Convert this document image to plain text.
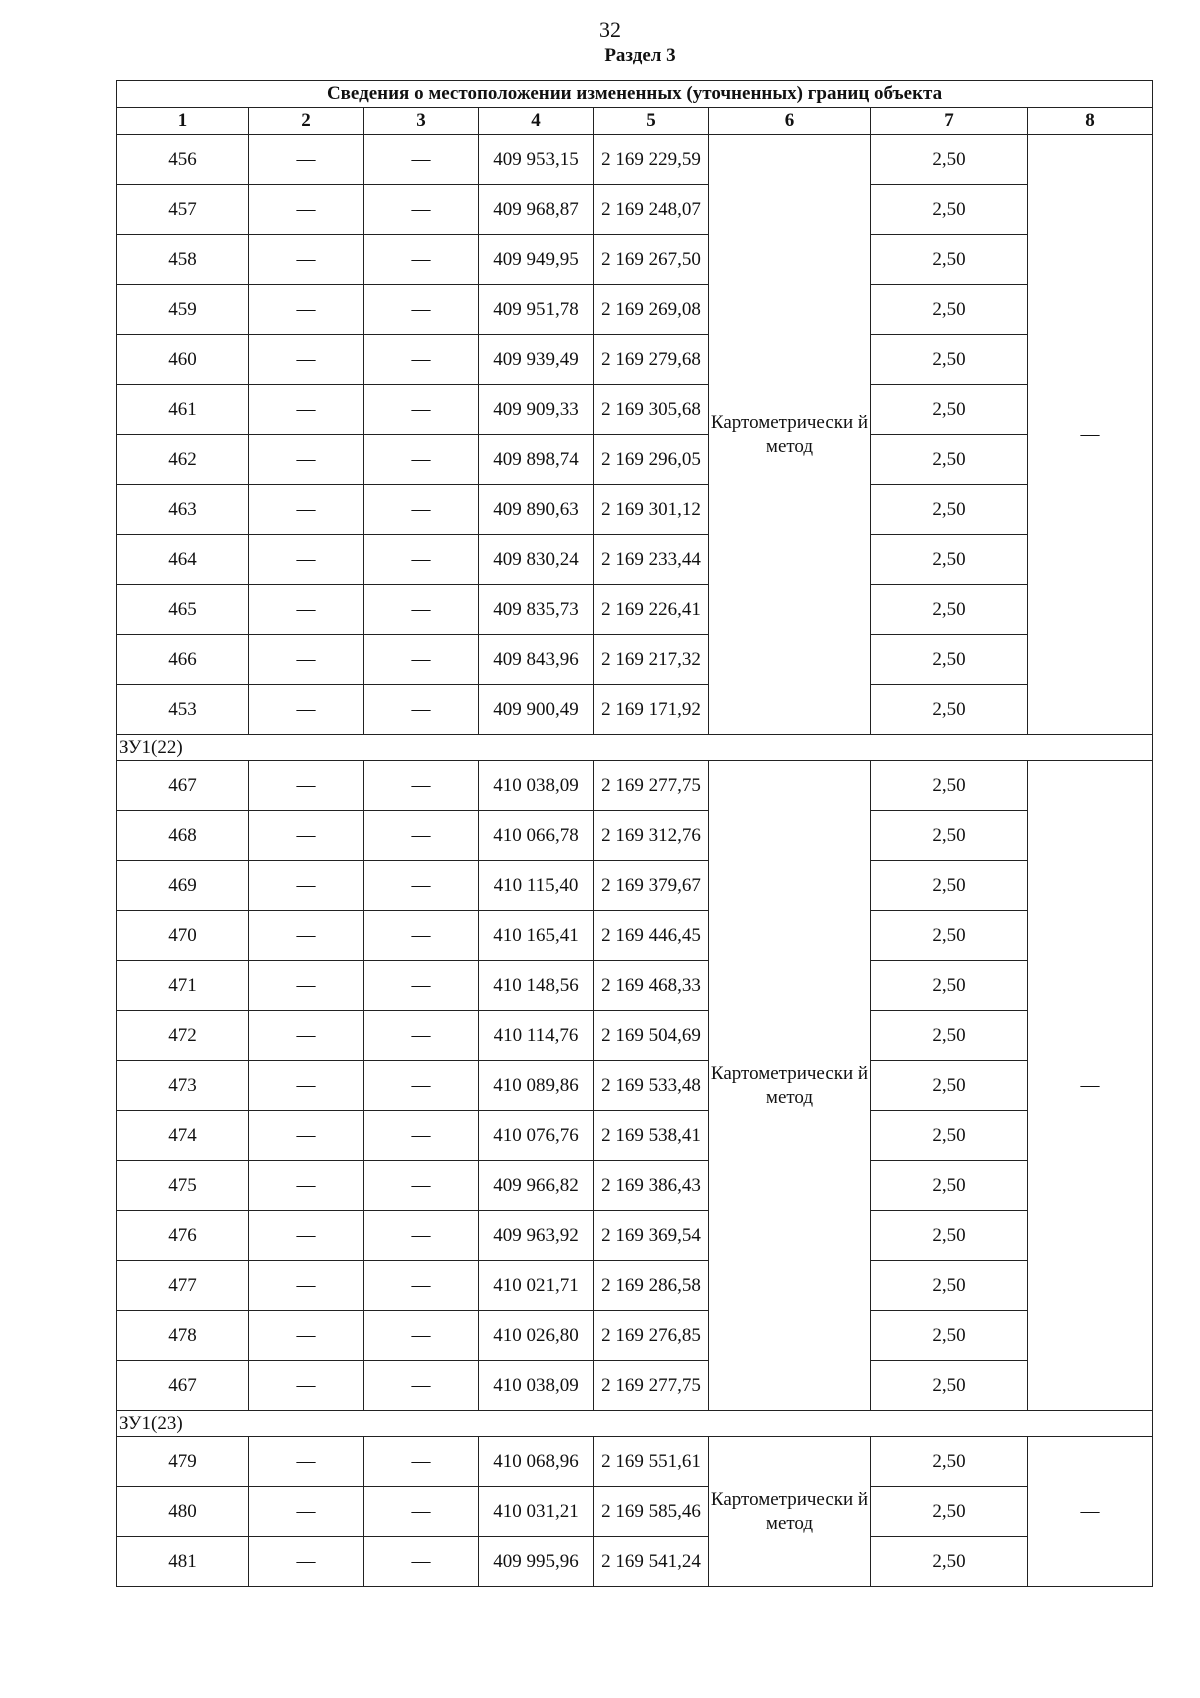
32
Раздел 3
Сведения о местоположении измененных (уточненных) границ объекта							
1	2	3	4	5	6	7	8
456	—	—	409 953,15	2 169 229,59	Картометрически й метод	2,50	—
457	—	—	409 968,87	2 169 248,07		2,50	
458	—	—	409 949,95	2 169 267,50		2,50	
459	—	—	409 951,78	2 169 269,08		2,50	
460	—	—	409 939,49	2 169 279,68		2,50	
461	—	—	409 909,33	2 169 305,68		2,50	
462	—	—	409 898,74	2 169 296,05		2,50	
463	—	—	409 890,63	2 169 301,12		2,50	
464	—	—	409 830,24	2 169 233,44		2,50	
465	—	—	409 835,73	2 169 226,41		2,50	
466	—	—	409 843,96	2 169 217,32		2,50	
453	—	—	409 900,49	2 169 171,92		2,50	
ЗУ1(22)							
467	—	—	410 038,09	2 169 277,75	Картометрически й метод	2,50	—
468	—	—	410 066,78	2 169 312,76		2,50	
469	—	—	410 115,40	2 169 379,67		2,50	
470	—	—	410 165,41	2 169 446,45		2,50	
471	—	—	410 148,56	2 169 468,33		2,50	
472	—	—	410 114,76	2 169 504,69		2,50	
473	—	—	410 089,86	2 169 533,48		2,50	
474	—	—	410 076,76	2 169 538,41		2,50	
475	—	—	409 966,82	2 169 386,43		2,50	
476	—	—	409 963,92	2 169 369,54		2,50	
477	—	—	410 021,71	2 169 286,58		2,50	
478	—	—	410 026,80	2 169 276,85		2,50	
467	—	—	410 038,09	2 169 277,75		2,50	
ЗУ1(23)							
479	—	—	410 068,96	2 169 551,61	Картометрически й метод	2,50	—
480	—	—	410 031,21	2 169 585,46		2,50	
481	—	—	409 995,96	2 169 541,24		2,50	
